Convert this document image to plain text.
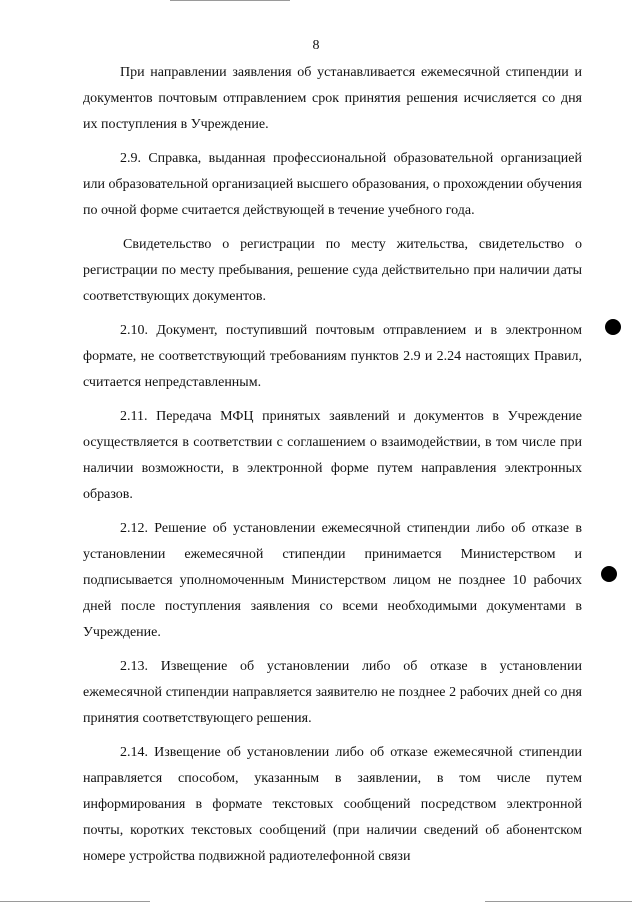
8

При направлении заявления об устанавливается ежемесячной стипендии и документов почтовым отправлением срок принятия решения исчисляется со дня их поступления в Учреждение.

2.9. Справка, выданная профессиональной образовательной организацией или образовательной организацией высшего образования, о прохождении обучения по очной форме считается действующей в течение учебного года.

Свидетельство о регистрации по месту жительства, свидетельство о регистрации по месту пребывания, решение суда действительно при наличии даты соответствующих документов.

2.10. Документ, поступивший почтовым отправлением и в электронном формате, не соответствующий требованиям пунктов 2.9 и 2.24 настоящих Правил, считается непредставленным.

2.11. Передача МФЦ принятых заявлений и документов в Учреждение осуществляется в соответствии с соглашением о взаимодействии, в том числе при наличии возможности, в электронной форме путем направления электронных образов.

2.12. Решение об установлении ежемесячной стипендии либо об отказе в установлении ежемесячной стипендии принимается Министерством и подписывается уполномоченным Министерством лицом не позднее 10 рабочих дней после поступления заявления со всеми необходимыми документами в Учреждение.

2.13. Извещение об установлении либо об отказе в установлении ежемесячной стипендии направляется заявителю не позднее 2 рабочих дней со дня принятия соответствующего решения.

2.14. Извещение об установлении либо об отказе ежемесячной стипендии направляется способом, указанным в заявлении, в том числе путем информирования в формате текстовых сообщений посредством электронной почты, коротких текстовых сообщений (при наличии сведений об абонентском номере устройства подвижной радиотелефонной связи
